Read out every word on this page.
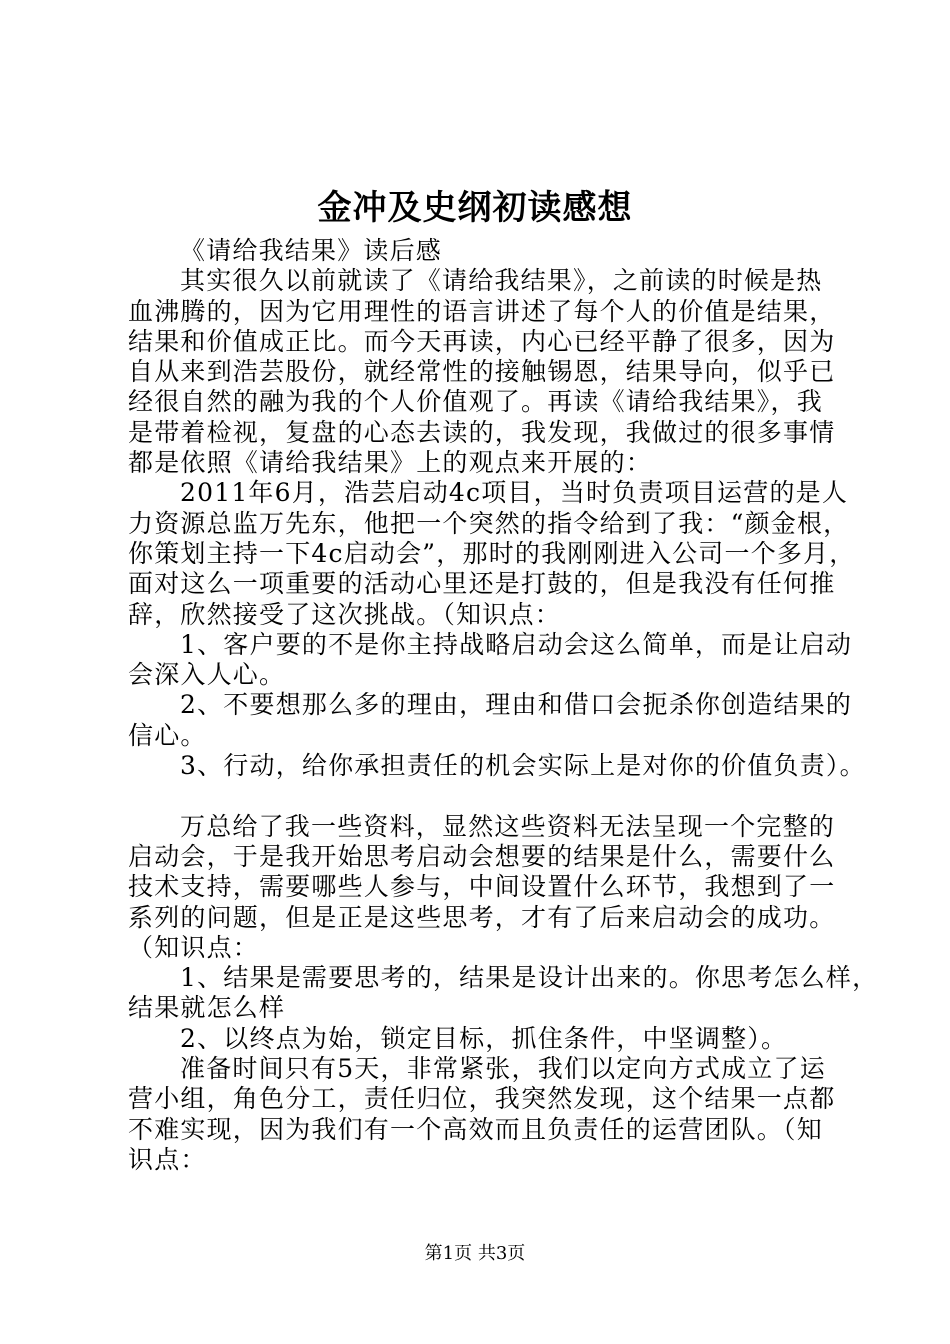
金冲及史纲初读感想
《请给我结果》读后感
其实很久以前就读了《请给我结果》，之前读的时候是热
血沸腾的，因为它用理性的语言讲述了每个人的价值是结果，
结果和价值成正比。而今天再读，内心已经平静了很多，因为
自从来到浩芸股份，就经常性的接触锡恩，结果导向，似乎已
经很自然的融为我的个人价值观了。再读《请给我结果》，我
是带着检视，复盘的心态去读的，我发现，我做过的很多事情
都是依照《请给我结果》上的观点来开展的：
2011年6月，浩芸启动4c项目，当时负责项目运营的是人
力资源总监万先东，他把一个突然的指令给到了我：“颜金根，
你策划主持一下4c启动会”，那时的我刚刚进入公司一个多月，
面对这么一项重要的活动心里还是打鼓的，但是我没有任何推
辞，欣然接受了这次挑战。（知识点：
1、客户要的不是你主持战略启动会这么简单，而是让启动
会深入人心。
2、不要想那么多的理由，理由和借口会扼杀你创造结果的
信心。
3、行动，给你承担责任的机会实际上是对你的价值负责）。
万总给了我一些资料，显然这些资料无法呈现一个完整的
启动会，于是我开始思考启动会想要的结果是什么，需要什么
技术支持，需要哪些人参与，中间设置什么环节，我想到了一
系列的问题，但是正是这些思考，才有了后来启动会的成功。
（知识点：
1、结果是需要思考的，结果是设计出来的。你思考怎么样，
结果就怎么样
2、以终点为始，锁定目标，抓住条件，中坚调整）。
准备时间只有5天，非常紧张，我们以定向方式成立了运
营小组，角色分工，责任归位，我突然发现，这个结果一点都
不难实现，因为我们有一个高效而且负责任的运营团队。（知
识点：
第1页 共3页
